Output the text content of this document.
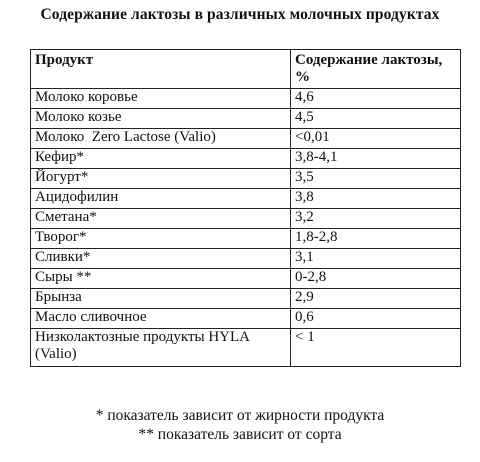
Содержание лактозы в различных молочных продуктах
Продукт	Содержание лактозы, %
Молоко коровье	4,6
Молоко козье	4,5
Молоко  Zero Lactose (Valio)	<0,01
Кефир*	3,8-4,1
Йогурт*	3,5
Ацидофилин	3,8
Сметана*	3,2
Творог*	1,8-2,8
Сливки*	3,1
Сыры **	0-2,8
Брынза	2,9
Масло сливочное	0,6
Низколактозные продукты HYLA (Valio)	< 1
* показатель зависит от жирности продукта
** показатель зависит от сорта
